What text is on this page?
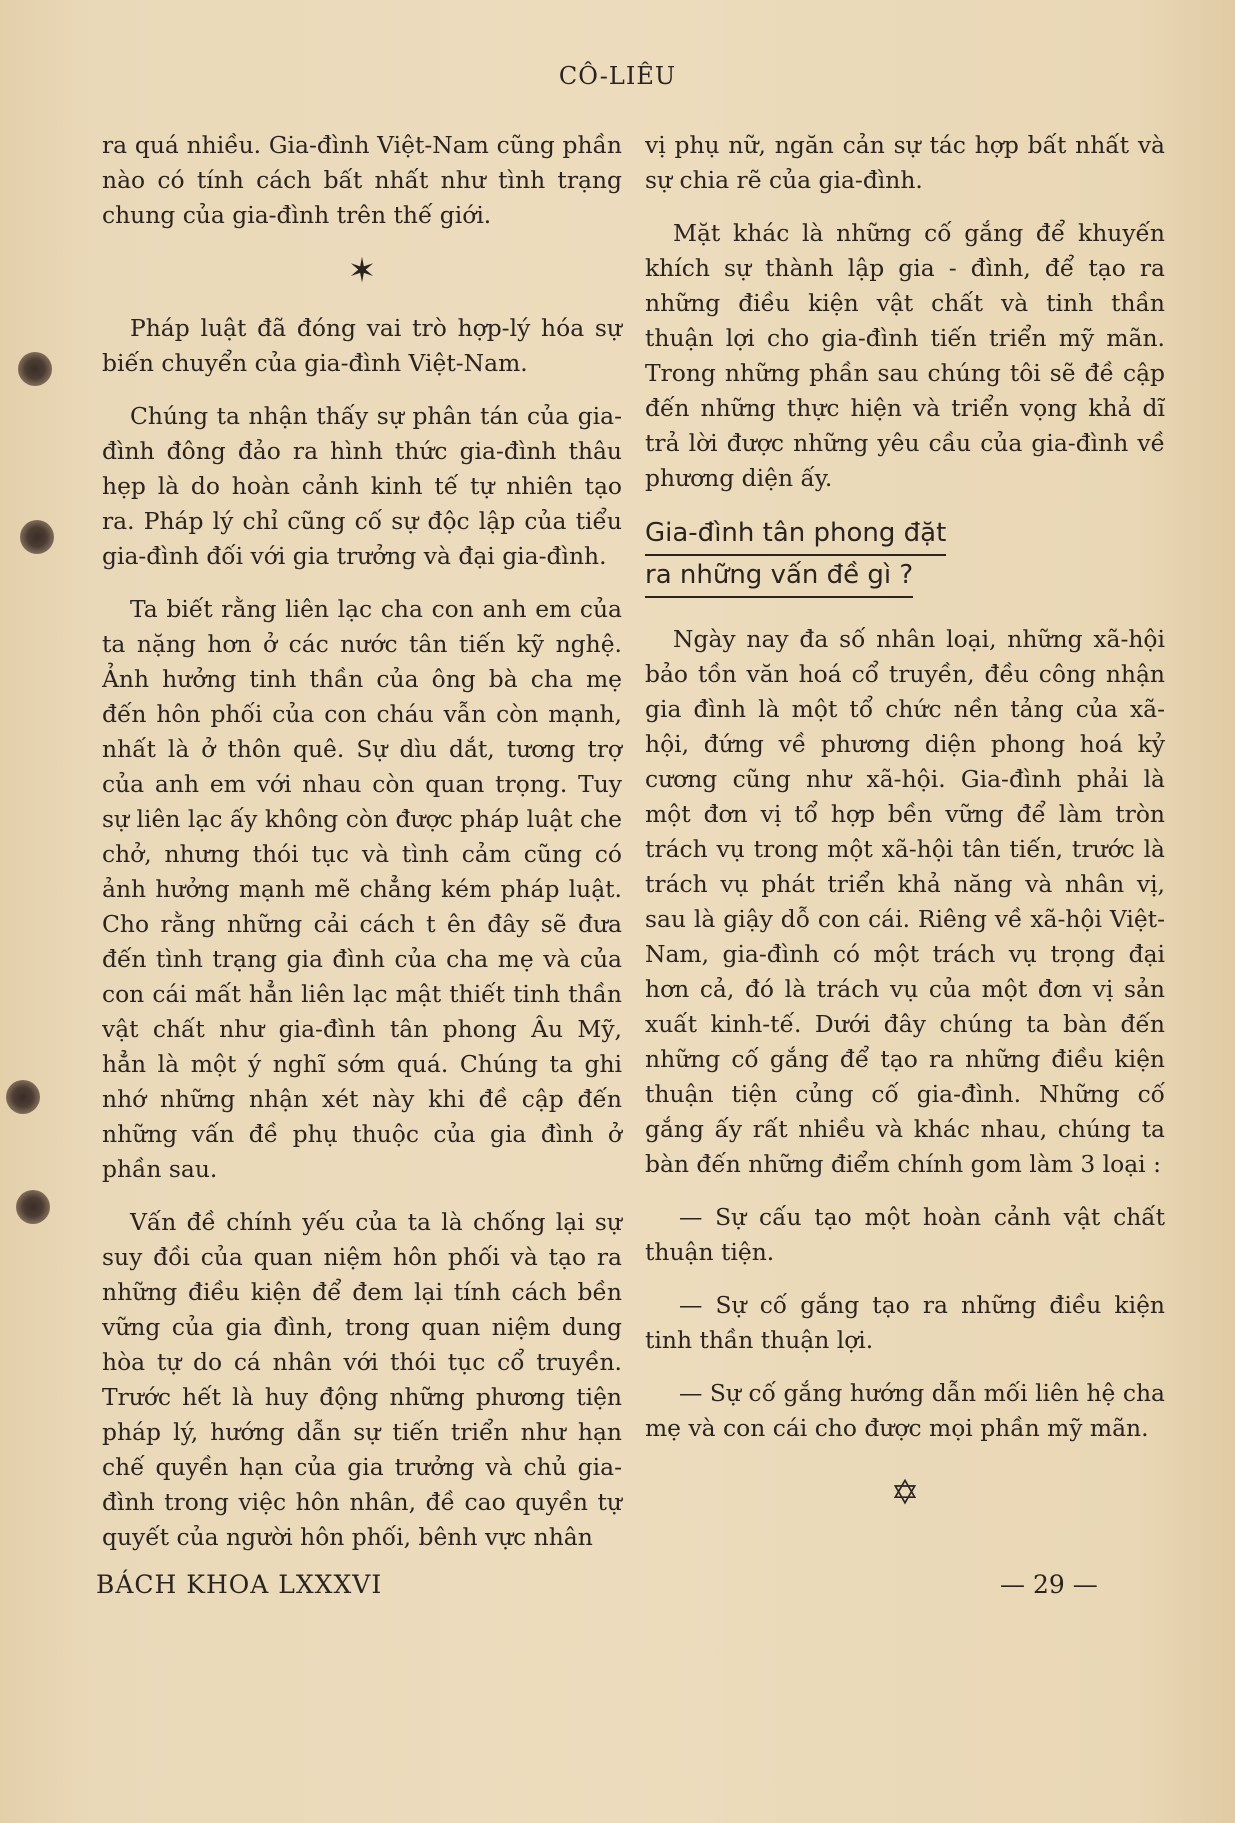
CÔ-LIÊU

ra quá nhiều. Gia-đình Việt-Nam cũng phần nào có tính cách bất nhất như tình trạng chung của gia-đình trên thế giới.

✶

Pháp luật đã đóng vai trò hợp-lý hóa sự biến chuyển của gia-đình Việt-Nam.

Chúng ta nhận thấy sự phân tán của gia-đình đông đảo ra hình thức gia-đình thâu hẹp là do hoàn cảnh kinh tế tự nhiên tạo ra. Pháp lý chỉ cũng cố sự độc lập của tiểu gia-đình đối với gia trưởng và đại gia-đình.

Ta biết rằng liên lạc cha con anh em của ta nặng hơn ở các nước tân tiến kỹ nghệ. Ảnh hưởng tinh thần của ông bà cha mẹ đến hôn phối của con cháu vẫn còn mạnh, nhất là ở thôn quê. Sự dìu dắt, tương trợ của anh em với nhau còn quan trọng. Tuy sự liên lạc ấy không còn được pháp luật che chở, nhưng thói tục và tình cảm cũng có ảnh hưởng mạnh mẽ chẳng kém pháp luật. Cho rằng những cải cách t ên đây sẽ đưa đến tình trạng gia đình của cha mẹ và của con cái mất hẳn liên lạc mật thiết tinh thần vật chất như gia-đình tân phong Âu Mỹ, hẳn là một ý nghĩ sớm quá. Chúng ta ghi nhớ những nhận xét này khi đề cập đến những vấn đề phụ thuộc của gia đình ở phần sau.

Vấn đề chính yếu của ta là chống lại sự suy đồi của quan niệm hôn phối và tạo ra những điều kiện để đem lại tính cách bền vững của gia đình, trong quan niệm dung hòa tự do cá nhân với thói tục cổ truyền. Trước hết là huy động những phương tiện pháp lý, hướng dẫn sự tiến triển như hạn chế quyền hạn của gia trưởng và chủ gia-đình trong việc hôn nhân, đề cao quyền tự quyết của người hôn phối, bênh vực nhân

vị phụ nữ, ngăn cản sự tác hợp bất nhất và sự chia rẽ của gia-đình.

Mặt khác là những cố gắng để khuyến khích sự thành lập gia - đình, để tạo ra những điều kiện vật chất và tinh thần thuận lợi cho gia-đình tiến triển mỹ mãn. Trong những phần sau chúng tôi sẽ đề cập đến những thực hiện và triển vọng khả dĩ trả lời được những yêu cầu của gia-đình về phương diện ấy.

Gia-đình tân phong đặt
ra những vấn đề gì ?

Ngày nay đa số nhân loại, những xã-hội bảo tồn văn hoá cổ truyền, đều công nhận gia đình là một tổ chức nền tảng của xã-hội, đứng về phương diện phong hoá kỷ cương cũng như xã-hội. Gia-đình phải là một đơn vị tổ hợp bền vững để làm tròn trách vụ trong một xã-hội tân tiến, trước là trách vụ phát triển khả năng và nhân vị, sau là giậy dỗ con cái. Riêng về xã-hội Việt-Nam, gia-đình có một trách vụ trọng đại hơn cả, đó là trách vụ của một đơn vị sản xuất kinh-tế. Dưới đây chúng ta bàn đến những cố gắng để tạo ra những điều kiện thuận tiện củng cố gia-đình. Những cố gắng ấy rất nhiều và khác nhau, chúng ta bàn đến những điểm chính gom làm 3 loại :

— Sự cấu tạo một hoàn cảnh vật chất thuận tiện.

— Sự cố gắng tạo ra những điều kiện tinh thần thuận lợi.

— Sự cố gắng hướng dẫn mối liên hệ cha mẹ và con cái cho được mọi phần mỹ mãn.

✡
BÁCH KHOA LXXXVI	— 29 —
